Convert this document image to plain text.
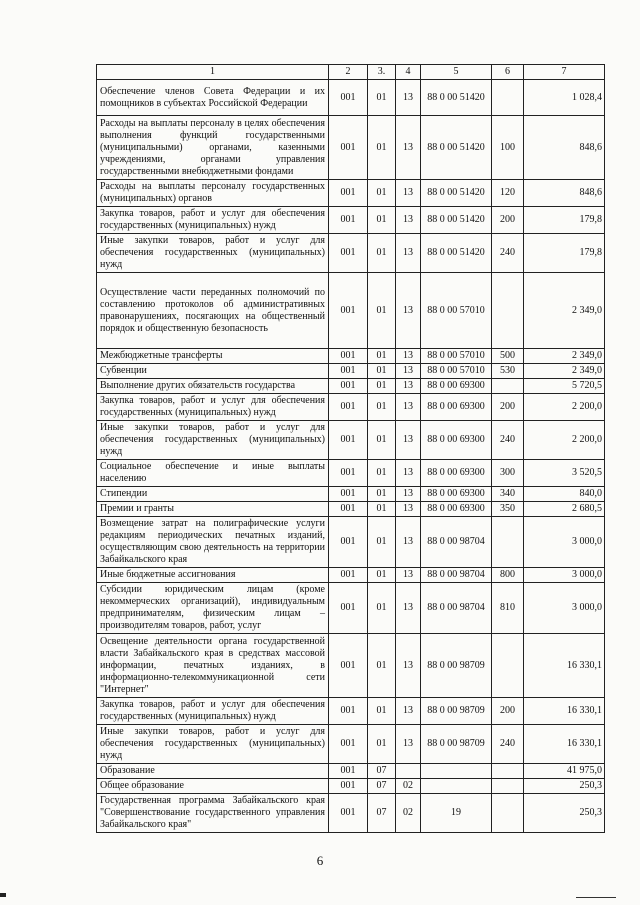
1	2	3.	4	5	6	7
Обеспечение членов Совета Федерации и их помощников в субъектах Российской Федерации	001	01	13	88 0 00 51420		1 028,4
Расходы на выплаты персоналу в целях обеспечения выполнения функций государственными (муниципальными) органами, казенными учреждениями, органами управления государственными внебюджетными фондами	001	01	13	88 0 00 51420	100	848,6
Расходы на выплаты персоналу государственных (муниципальных) органов	001	01	13	88 0 00 51420	120	848,6
Закупка товаров, работ и услуг для обеспечения государственных (муниципальных) нужд	001	01	13	88 0 00 51420	200	179,8
Иные закупки товаров, работ и услуг для обеспечения государственных (муниципальных) нужд	001	01	13	88 0 00 51420	240	179,8
Осуществление части переданных полномочий по составлению протоколов об административных правонарушениях, посягающих на общественный порядок и общественную безопасность	001	01	13	88 0 00 57010		2 349,0
Межбюджетные трансферты	001	01	13	88 0 00 57010	500	2 349,0
Субвенции	001	01	13	88 0 00 57010	530	2 349,0
Выполнение других обязательств государства	001	01	13	88 0 00 69300		5 720,5
Закупка товаров, работ и услуг для обеспечения государственных (муниципальных) нужд	001	01	13	88 0 00 69300	200	2 200,0
Иные закупки товаров, работ и услуг для обеспечения государственных (муниципальных) нужд	001	01	13	88 0 00 69300	240	2 200,0
Социальное обеспечение и иные выплаты населению	001	01	13	88 0 00 69300	300	3 520,5
Стипендии	001	01	13	88 0 00 69300	340	840,0
Премии и гранты	001	01	13	88 0 00 69300	350	2 680,5
Возмещение затрат на полиграфические услуги редакциям периодических печатных изданий, осуществляющим свою деятельность на территории Забайкальского края	001	01	13	88 0 00 98704		3 000,0
Иные бюджетные ассигнования	001	01	13	88 0 00 98704	800	3 000,0
Субсидии юридическим лицам (кроме некоммерческих организаций), индивидуальным предпринимателям, физическим лицам – производителям товаров, работ, услуг	001	01	13	88 0 00 98704	810	3 000,0
Освещение деятельности органа государственной власти Забайкальского края в средствах массовой информации, печатных изданиях, в информационно-телекоммуникационной сети "Интернет"	001	01	13	88 0 00 98709		16 330,1
Закупка товаров, работ и услуг для обеспечения государственных (муниципальных) нужд	001	01	13	88 0 00 98709	200	16 330,1
Иные закупки товаров, работ и услуг для обеспечения государственных (муниципальных) нужд	001	01	13	88 0 00 98709	240	16 330,1
Образование	001	07				41 975,0
Общее образование	001	07	02			250,3
Государственная программа Забайкальского края "Совершенствование государственного управления Забайкальского края"	001	07	02	19		250,3
6
